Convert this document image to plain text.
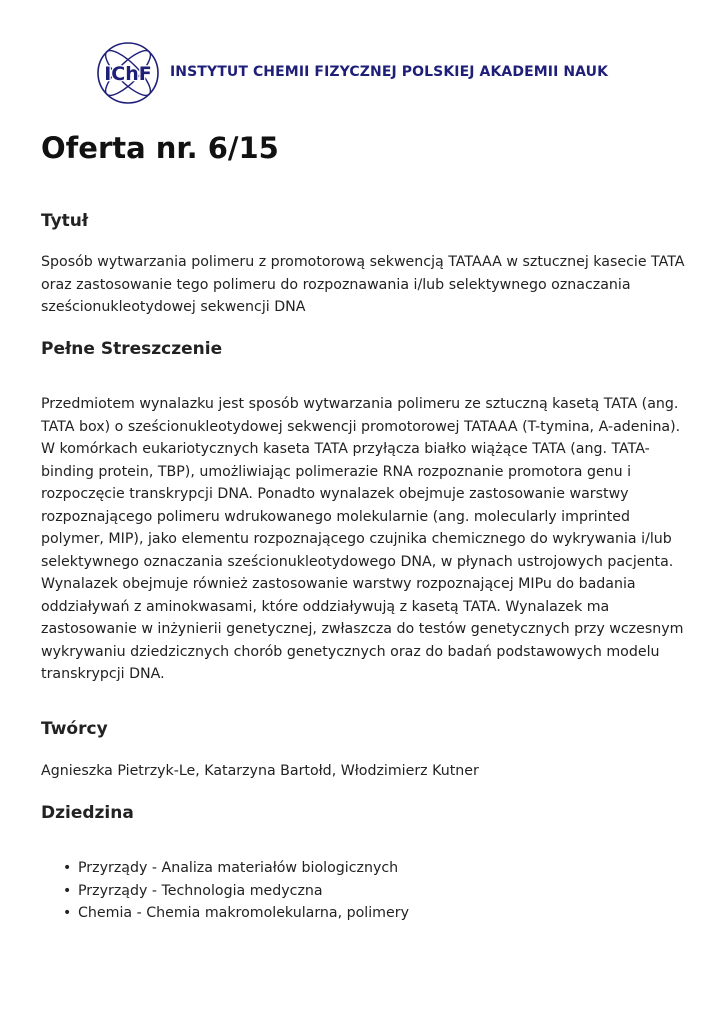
IChF INSTYTUT CHEMII FIZYCZNEJ POLSKIEJ AKADEMII NAUK
Oferta nr. 6/15
Tytuł

Sposób wytwarzania polimeru z promotorową sekwencją TATAAA w sztucznej kasecie TATA oraz zastosowanie tego polimeru do rozpoznawania i/lub selektywnego oznaczania sześcionukleotydowej sekwencji DNA

Pełne Streszczenie

Przedmiotem wynalazku jest sposób wytwarzania polimeru ze sztuczną kasetą TATA (ang. TATA box) o sześcionukleotydowej sekwencji promotorowej TATAAA (T-tymina, A-adenina). W komórkach eukariotycznych kaseta TATA przyłącza białko wiążące TATA (ang. TATA-binding protein, TBP), umożliwiając polimerazie RNA rozpoznanie promotora genu i rozpoczęcie transkrypcji DNA. Ponadto wynalazek obejmuje zastosowanie warstwy rozpoznającego polimeru wdrukowanego molekularnie (ang. molecularly imprinted polymer, MIP), jako elementu rozpoznającego czujnika chemicznego do wykrywania i/lub selektywnego oznaczania sześcionukleotydowego DNA, w płynach ustrojowych pacjenta. Wynalazek obejmuje również zastosowanie warstwy rozpoznającej MIPu do badania oddziaływań z aminokwasami, które oddziaływują z kasetą TATA. Wynalazek ma zastosowanie w inżynierii genetycznej, zwłaszcza do testów genetycznych przy wczesnym wykrywaniu dziedzicznych chorób genetycznych oraz do badań podstawowych modelu transkrypcji DNA.

Twórcy

Agnieszka Pietrzyk-Le, Katarzyna Bartołd, Włodzimierz Kutner

Dziedzina
• Przyrządy - Analiza materiałów biologicznych
• Przyrządy - Technologia medyczna
• Chemia - Chemia makromolekularna, polimery
